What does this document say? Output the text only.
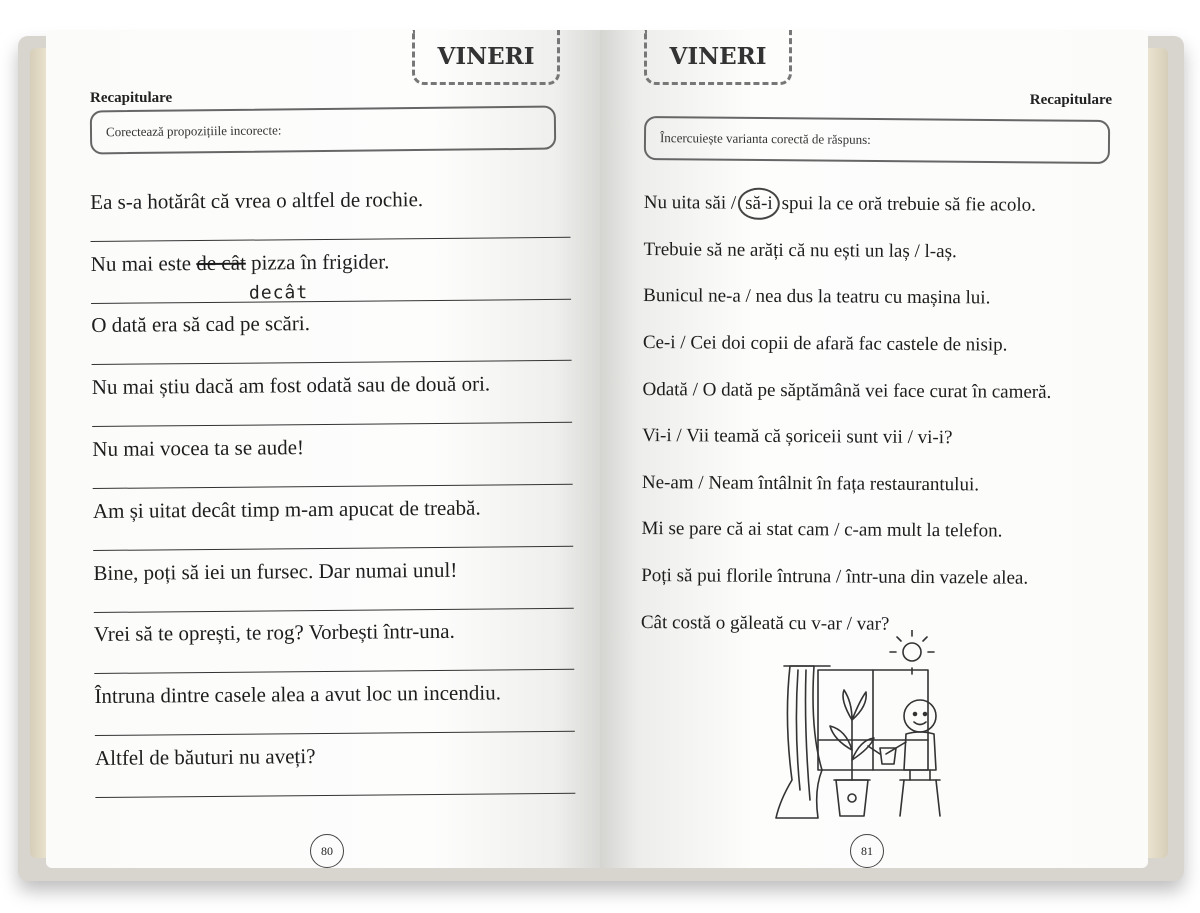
VINERI
Recapitulare
Corectează propozițiile incorecte:
Ea s-a hotărât că vrea o altfel de rochie.
Nu mai este de cât pizza în frigider.
decât
O dată era să cad pe scări.
Nu mai știu dacă am fost odată sau de două ori.
Nu mai vocea ta se aude!
Am și uitat decât timp m-am apucat de treabă.
Bine, poți să iei un fursec. Dar numai unul!
Vrei să te oprești, te rog? Vorbești într-una.
Întruna dintre casele alea a avut loc un incendiu.
Altfel de băuturi nu aveți?
80
VINERI
Recapitulare
Încercuiește varianta corectă de răspuns:
Nu uita săi / să-i spui la ce oră trebuie să fie acolo.
Trebuie să ne arăți că nu ești un laș / l-aș.
Bunicul ne-a / nea dus la teatru cu mașina lui.
Ce-i / Cei doi copii de afară fac castele de nisip.
Odată / O dată pe săptămână vei face curat în cameră.
Vi-i / Vii teamă că șoriceii sunt vii / vi-i?
Ne-am / Neam întâlnit în fața restaurantului.
Mi se pare că ai stat cam / c-am mult la telefon.
Poți să pui florile întruna / într-una din vazele alea.
Cât costă o găleată cu v-ar / var?
81
